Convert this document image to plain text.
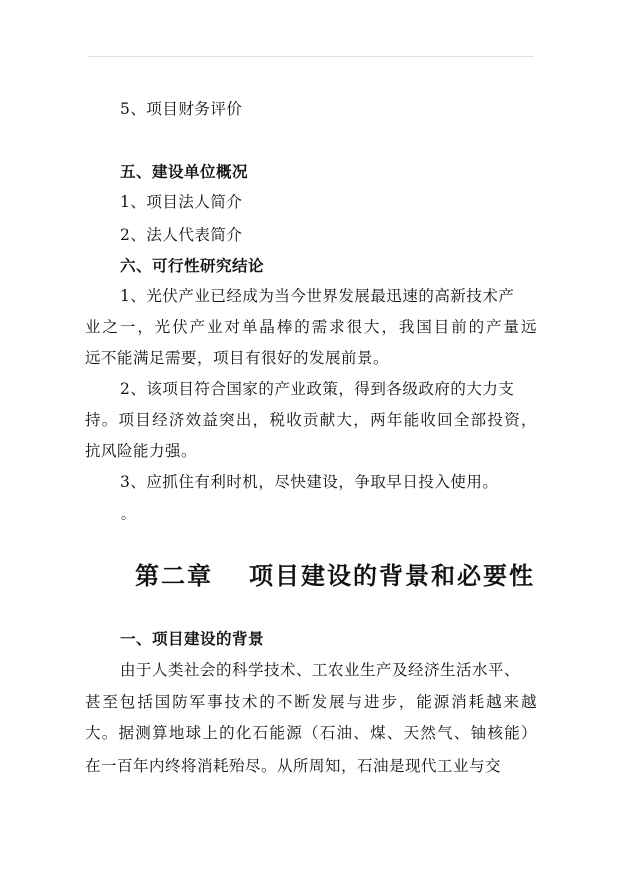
5、项目财务评价
五、建设单位概况
1、项目法人简介
2、法人代表简介
六、可行性研究结论
1、光伏产业已经成为当今世界发展最迅速的高新技术产
业之一，光伏产业对单晶棒的需求很大，我国目前的产量远
远不能满足需要，项目有很好的发展前景。
2、该项目符合国家的产业政策，得到各级政府的大力支
持。项目经济效益突出，税收贡献大，两年能收回全部投资，
抗风险能力强。
3、应抓住有利时机，尽快建设，争取早日投入使用。
。
第二章 项目建设的背景和必要性
一、项目建设的背景
由于人类社会的科学技术、工农业生产及经济生活水平、
甚至包括国防军事技术的不断发展与进步，能源消耗越来越
大。据测算地球上的化石能源（石油、煤、天然气、铀核能）
在一百年内终将消耗殆尽。从所周知，石油是现代工业与交
